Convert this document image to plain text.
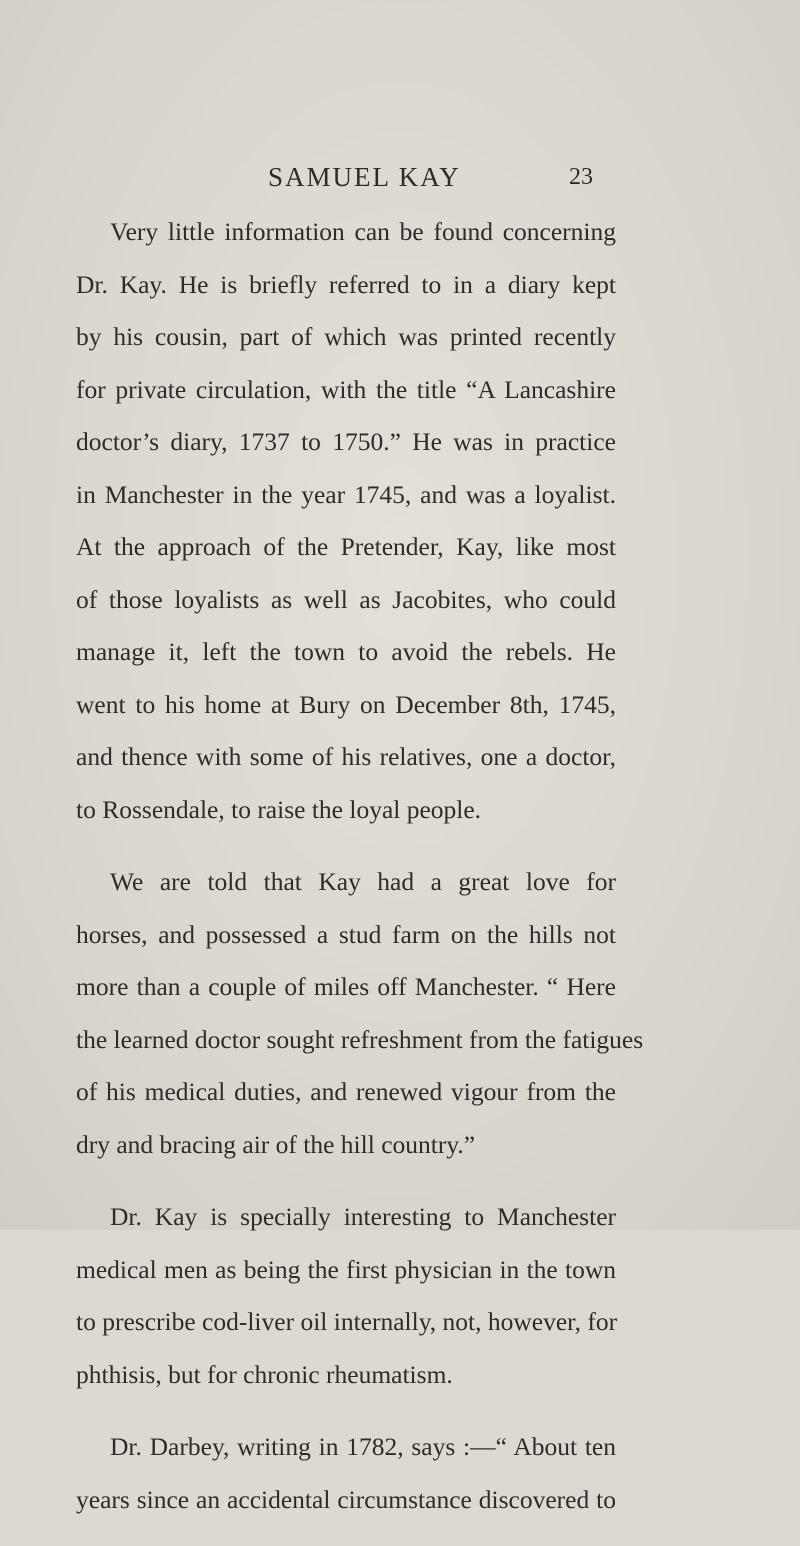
SAMUEL KAY	23

Very little information can be found concerning
Dr. Kay. He is briefly referred to in a diary kept
by his cousin, part of which was printed recently
for private circulation, with the title “A Lancashire
doctor’s diary, 1737 to 1750.” He was in practice
in Manchester in the year 1745, and was a loyalist.
At the approach of the Pretender, Kay, like most
of those loyalists as well as Jacobites, who could
manage it, left the town to avoid the rebels. He
went to his home at Bury on December 8th, 1745,
and thence with some of his relatives, one a doctor,
to Rossendale, to raise the loyal people.

We are told that Kay had a great love for
horses, and possessed a stud farm on the hills not
more than a couple of miles off Manchester. “ Here
the learned doctor sought refreshment from the fatigues
of his medical duties, and renewed vigour from the
dry and bracing air of the hill country.”

Dr. Kay is specially interesting to Manchester
medical men as being the first physician in the town
to prescribe cod-liver oil internally, not, however, for
phthisis, but for chronic rheumatism.

Dr. Darbey, writing in 1782, says :—“ About ten
years since an accidental circumstance discovered to
